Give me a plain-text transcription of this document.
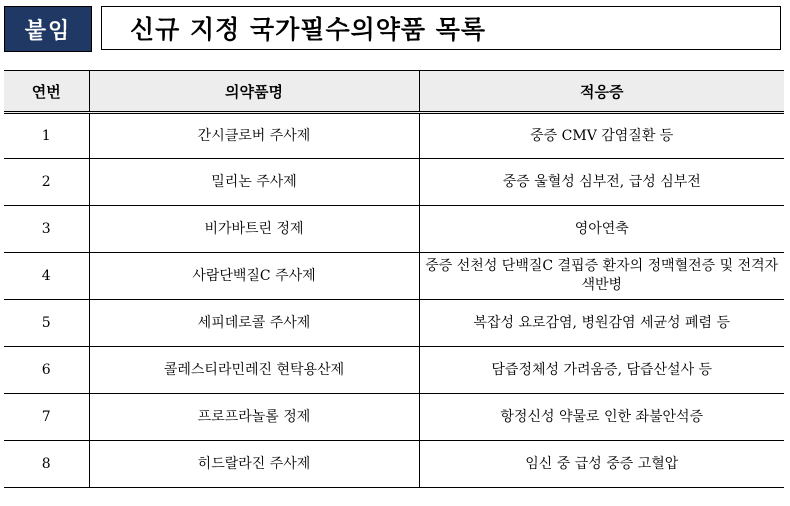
붙임	신규 지정 국가필수의약품 목록
연번	의약품명	적응증
1	간시클로버 주사제	중증 CMV 감염질환 등
2	밀리논 주사제	중증 울혈성 심부전, 급성 심부전
3	비가바트린 정제	영아연축
4	사람단백질C 주사제	중증 선천성 단백질C 결핍증 환자의 정맥혈전증 및 전격자색반병
5	세피데로콜 주사제	복잡성 요로감염, 병원감염 세균성 폐렴 등
6	콜레스티라민레진 현탁용산제	담즙정체성 가려움증, 담즙산설사 등
7	프로프라놀롤 정제	항정신성 약물로 인한 좌불안석증
8	히드랄라진 주사제	임신 중 급성 중증 고혈압
